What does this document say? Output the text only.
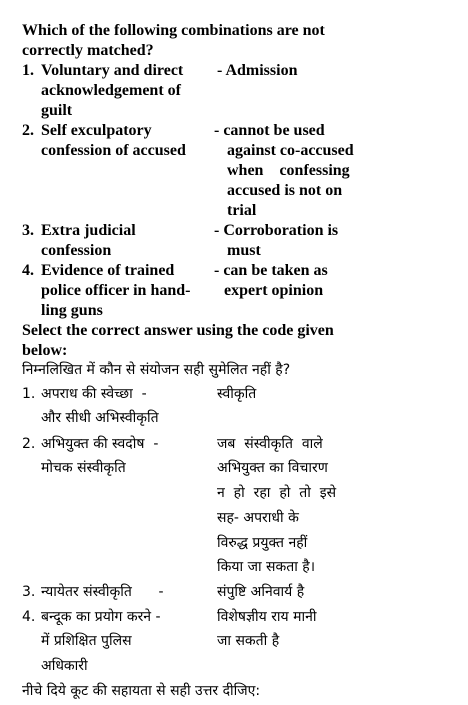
Which of the following combinations are not
correctly matched?
1. Voluntary and direct
acknowledgement of
guilt
- Admission
2. Self exculpatory
confession of accused
- cannot be used
against co-accused
when    confessing
accused is not on
trial
3. Extra judicial
confession
- Corroboration is
must
4. Evidence of trained
police officer in hand-
ling guns
- can be taken as
expert opinion
Select the correct answer using the code given
below:
निम्नलिखित में कौन से संयोजन सही सुमेलित नहीं है?
1. अपराध की स्वेच्छा  -
और सीधी अभिस्वीकृति
स्वीकृति
2. अभियुक्त की स्वदोष  -
मोचक संस्वीकृति
जब  संस्वीकृति  वाले
अभियुक्त का विचारण
न  हो  रहा  हो  तो  इसे
सह- अपराधी के
विरुद्ध प्रयुक्त नहीं
किया जा सकता है।
3. न्यायेतर संस्वीकृति      -	संपुष्टि अनिवार्य है
4. बन्दूक का प्रयोग करने -
में प्रशिक्षित पुलिस
अधिकारी
विशेषज्ञीय राय मानी
जा सकती है
नीचे दिये कूट की सहायता से सही उत्तर दीजिए:
